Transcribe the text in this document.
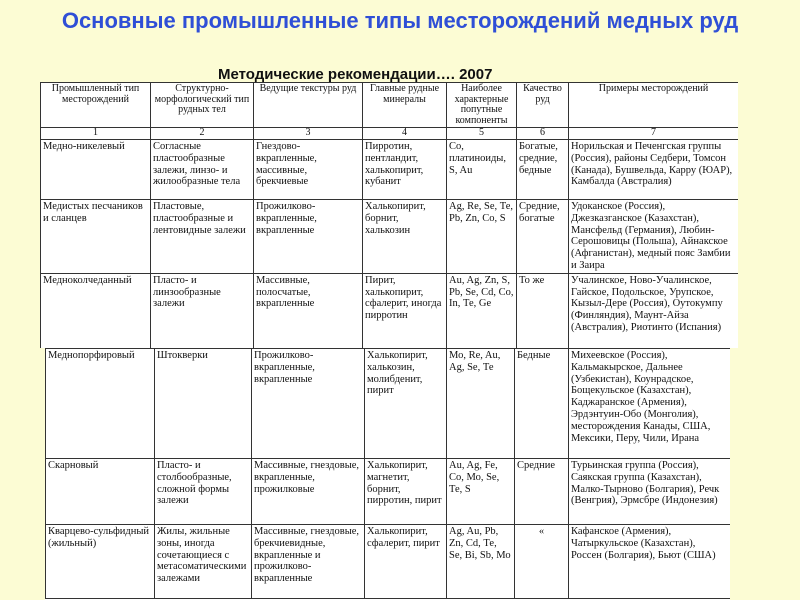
Основные промышленные типы месторождений медных руд
Промышленный тип месторождений	Структурно-морфологический тип рудных тел	Ведущие текстуры руд	Главные рудные минералы	Наиболее характерные попутные компоненты	Качество руд	Примеры месторождений
1	2	3	4	5	6	7
Медно-никелевый	Согласные пластообразные залежи, линзо- и жилообразные тела	Гнездово-вкрапленные, массивные, брекчиевые	Пирротин, пентландит, халькопирит, кубанит	Со, платиноиды, S, Au	Богатые, средние, бедные	Норильская и Печенгская группы (Россия), районы Седбери, Томсон (Канада), Бушвельда, Карру (ЮАР), Камбалда (Австралия)
Медистых песчаников и сланцев	Пластовые, пластообразные и лентовидные залежи	Прожилково-вкрапленные, вкрапленные	Халькопирит, борнит, халькозин	Ag, Re, Se, Те, Pb, Zn, Со, S	Средние, богатые	Удоканское (Россия), Джезказганское (Казахстан), Мансфельд (Германия), Любин-Серошовицы (Польша), Айнакское (Афганистан), медный пояс Замбии и Заира
Медноколчеданный	Пласто- и линзообразные залежи	Массивные, полосчатые, вкрапленные	Пирит, халькопирит, сфалерит, иногда пирротин	Au, Ag, Zn, S, Pb, Se, Cd, Co, In, Те, Ge	То же	Учалинское, Ново-Учалинское, Гайское, Подольское, Урупское, Кызыл-Дере (Россия), Оутокумпу (Финляндия), Маунт-Айза (Австралия), Риотинто (Испания)
Меднопорфировый	Штокверки	Прожилково-вкрапленные, вкрапленные	Халькопирит, халькозин, молибденит, пирит	Мо, Re, Au, Ag, Se, Те	Бедные	Михеевское (Россия), Кальмакырское, Дальнее (Узбекистан), Коунрадское, Бощекульское (Казахстан), Каджаранское (Армения), Эрдэнтуин-Обо (Монголия), месторождения Канады, США, Мексики, Перу, Чили, Ирана
Скарновый	Пласто- и столбообразные, сложной формы залежи	Массивные, гнездовые, вкрапленные, прожилковые	Халькопирит, магнетит, борнит, пирротин, пирит	Au, Ag, Fe, Co, Мо, Se, Те, S	Средние	Турьинская группа (Россия), Саякская группа (Казахстан), Малко-Тырново (Болгария), Речк (Венгрия), Эрмсбре (Индонезия)
Кварцево-сульфидный (жильный)	Жилы, жильные зоны, иногда сочетающиеся с метасоматическими залежами	Массивные, гнездовые, брекчиевидные, вкрапленные и прожилково-вкрапленные	Халькопирит, сфалерит, пирит	Ag, Au, Pb, Zn, Cd, Те, Se, Bi, Sb, Мо	«	Кафанское (Армения), Чатыркульское (Казахстан), Россен (Болгария), Бьют (США)
Методические рекомендации…. 2007
